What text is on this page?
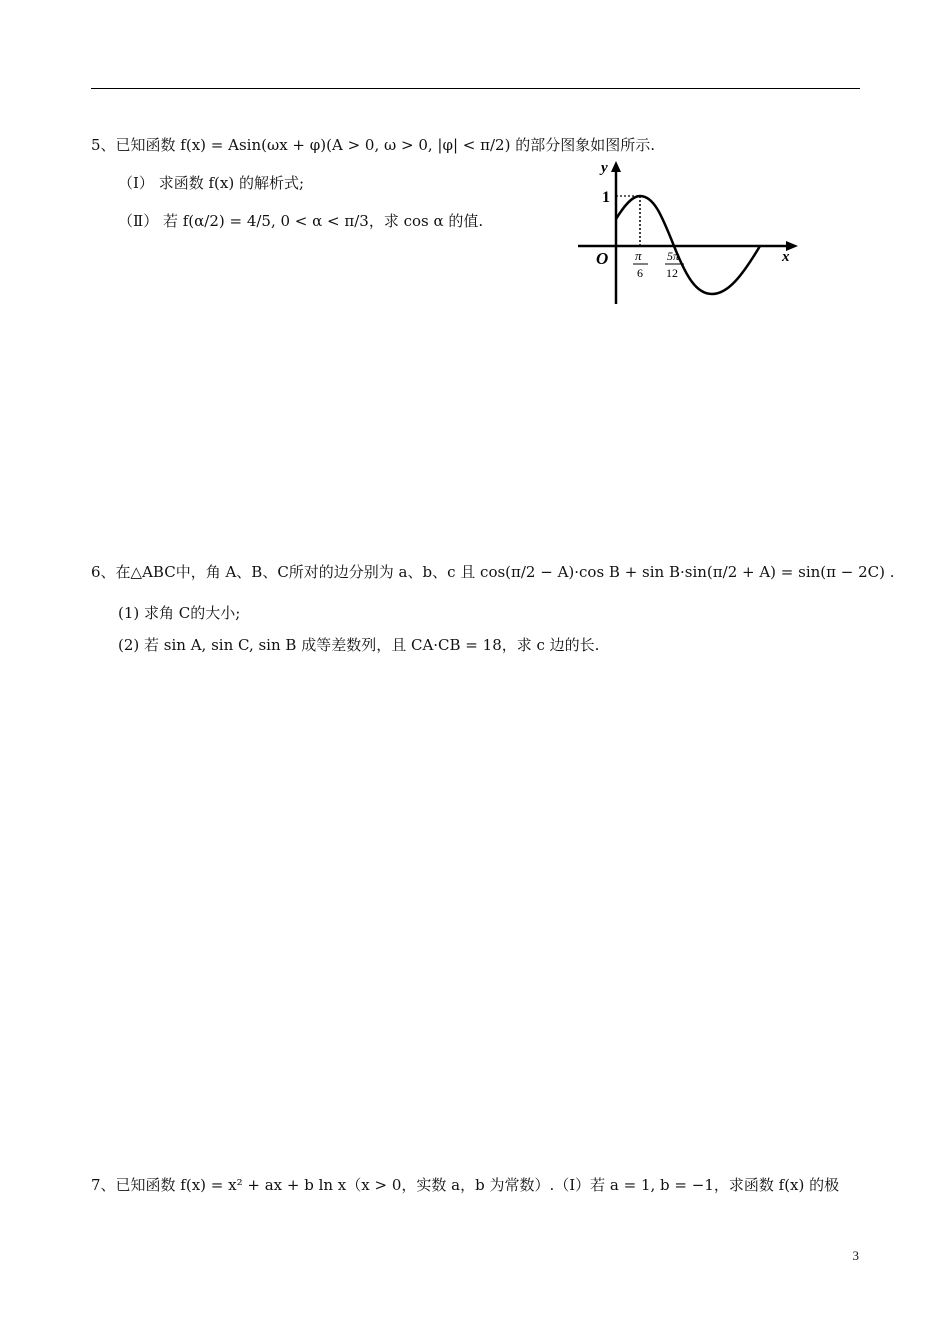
5、已知函数 f(x) = Asin(ωx + φ)(A > 0, ω > 0, |φ| < π/2) 的部分图象如图所示.
（Ⅰ） 求函数 f(x) 的解析式;
（Ⅱ） 若 f(α/2) = 4/5, 0 < α < π/3，求 cos α 的值.
y
x
O
1
π
6
5π
12
6、在△ABC中，角 A、B、C所对的边分别为 a、b、c 且 cos(π/2 − A)·cos B + sin B·sin(π/2 + A) = sin(π − 2C) .
(1) 求角 C的大小;
(2) 若 sin A, sin C, sin B 成等差数列，且 CA·CB = 18，求 c 边的长.
7、已知函数 f(x) = x² + ax + b ln x（x > 0，实数 a，b 为常数）.（Ⅰ）若 a = 1, b = −1，求函数 f(x) 的极
3
